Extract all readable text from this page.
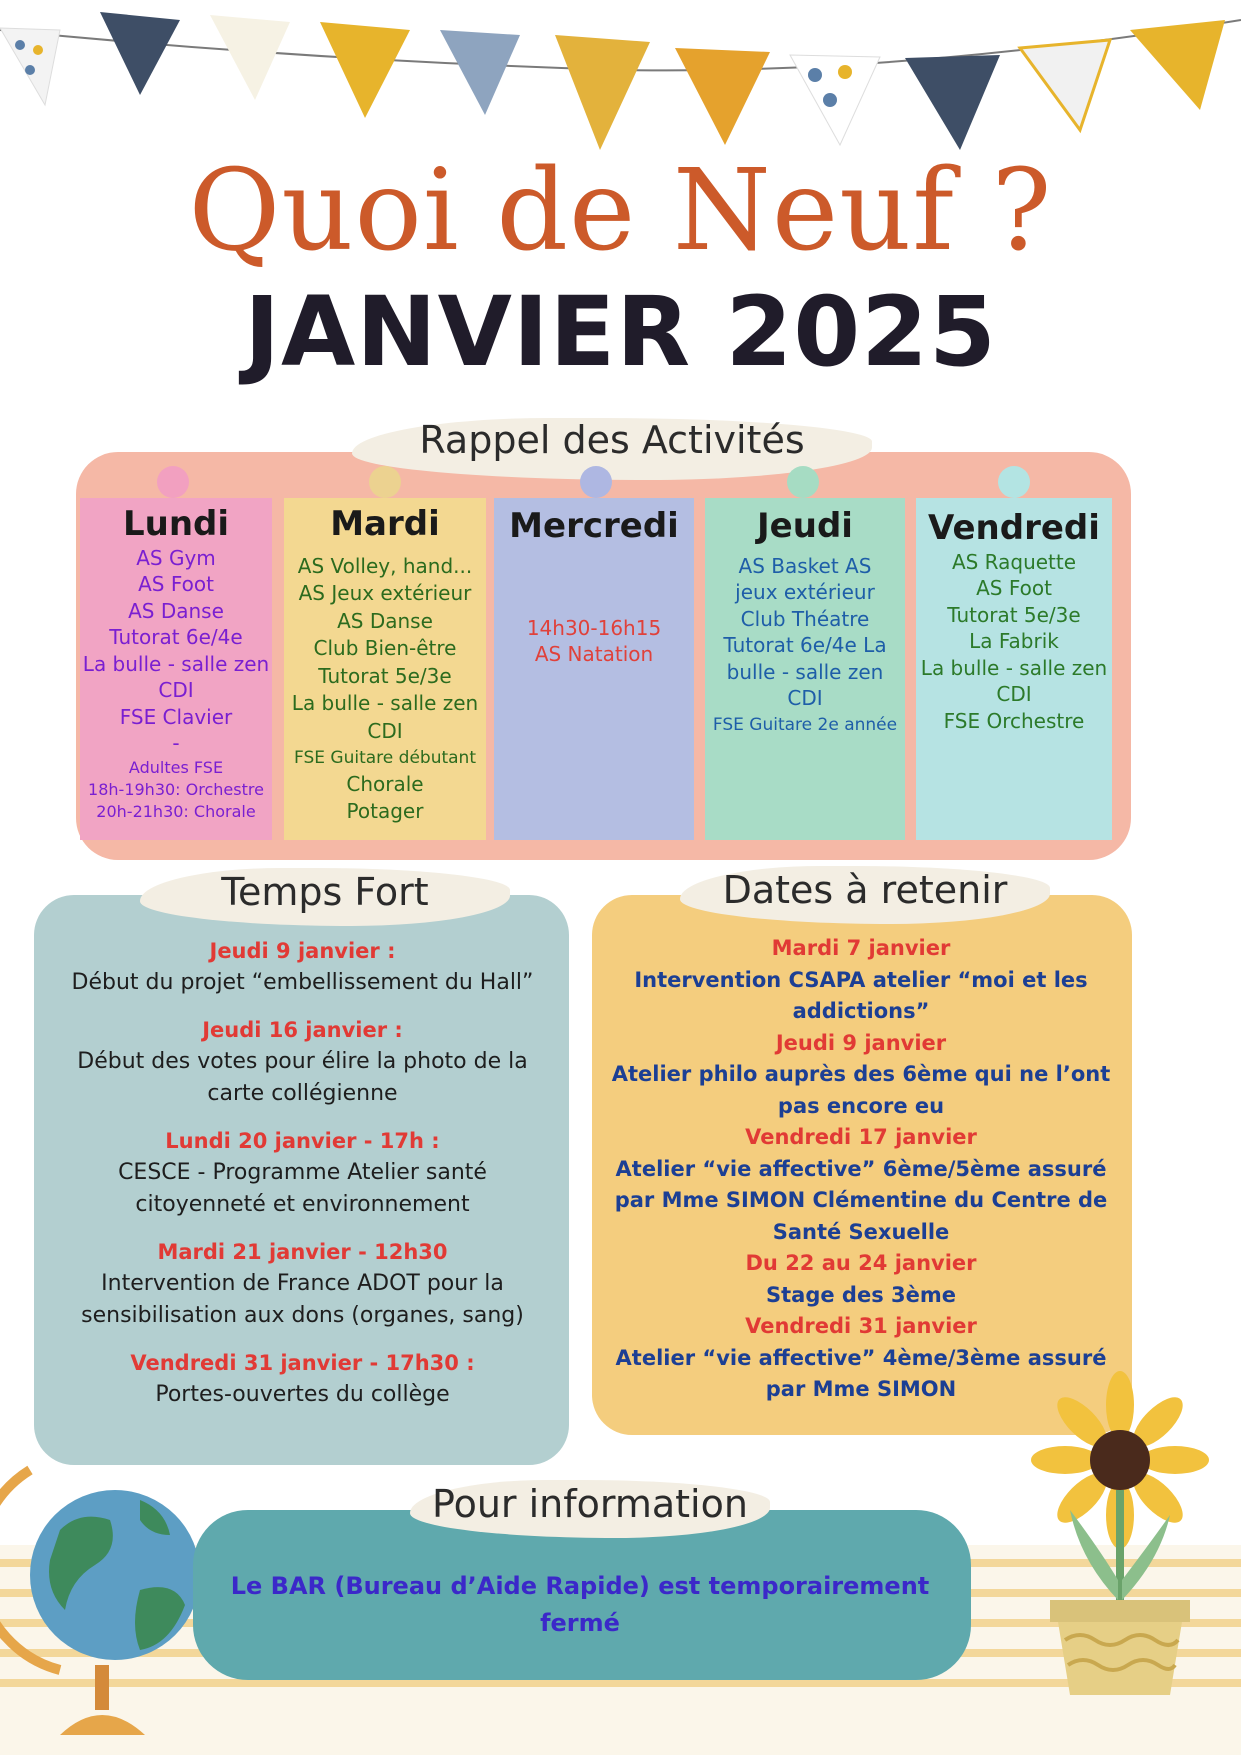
Quoi de Neuf ?
JANVIER 2025
Rappel des Activités
Lundi
AS Gym
AS Foot
AS Danse
Tutorat 6e/4e
La bulle - salle zen CDI
FSE Clavier
-
Adultes FSE
18h-19h30: Orchestre
20h-21h30: Chorale
Mardi
AS Volley, hand...
AS Jeux extérieur
AS Danse
Club Bien-être
Tutorat 5e/3e
La bulle - salle zen CDI
FSE Guitare débutant
Chorale
Potager
Mercredi
14h30-16h15
AS Natation
Jeudi
AS Basket AS jeux extérieur Club Théatre Tutorat 6e/4e La bulle - salle zen CDI
FSE Guitare 2e année
Vendredi
AS Raquette
AS Foot
Tutorat 5e/3e
La Fabrik
La bulle - salle zen CDI
FSE Orchestre
Temps Fort
Jeudi 9 janvier :
Début du projet “embellissement du Hall”
Jeudi 16 janvier :
Début des votes pour élire la photo de la carte collégienne
Lundi 20 janvier - 17h :
CESCE - Programme Atelier santé citoyenneté et environnement
Mardi 21 janvier - 12h30
Intervention de France ADOT pour la sensibilisation aux dons (organes, sang)
Vendredi 31 janvier - 17h30 :
Portes-ouvertes du collège
Dates à retenir
Mardi 7 janvier
Intervention CSAPA atelier “moi et les addictions”
Jeudi 9 janvier
Atelier philo auprès des 6ème qui ne l’ont pas encore eu
Vendredi 17 janvier
Atelier “vie affective” 6ème/5ème assuré par Mme SIMON Clémentine du Centre de Santé Sexuelle
Du 22 au 24 janvier
Stage des 3ème
Vendredi 31 janvier
Atelier “vie affective” 4ème/3ème assuré par Mme SIMON
Pour information
Le BAR (Bureau d’Aide Rapide) est temporairement fermé
